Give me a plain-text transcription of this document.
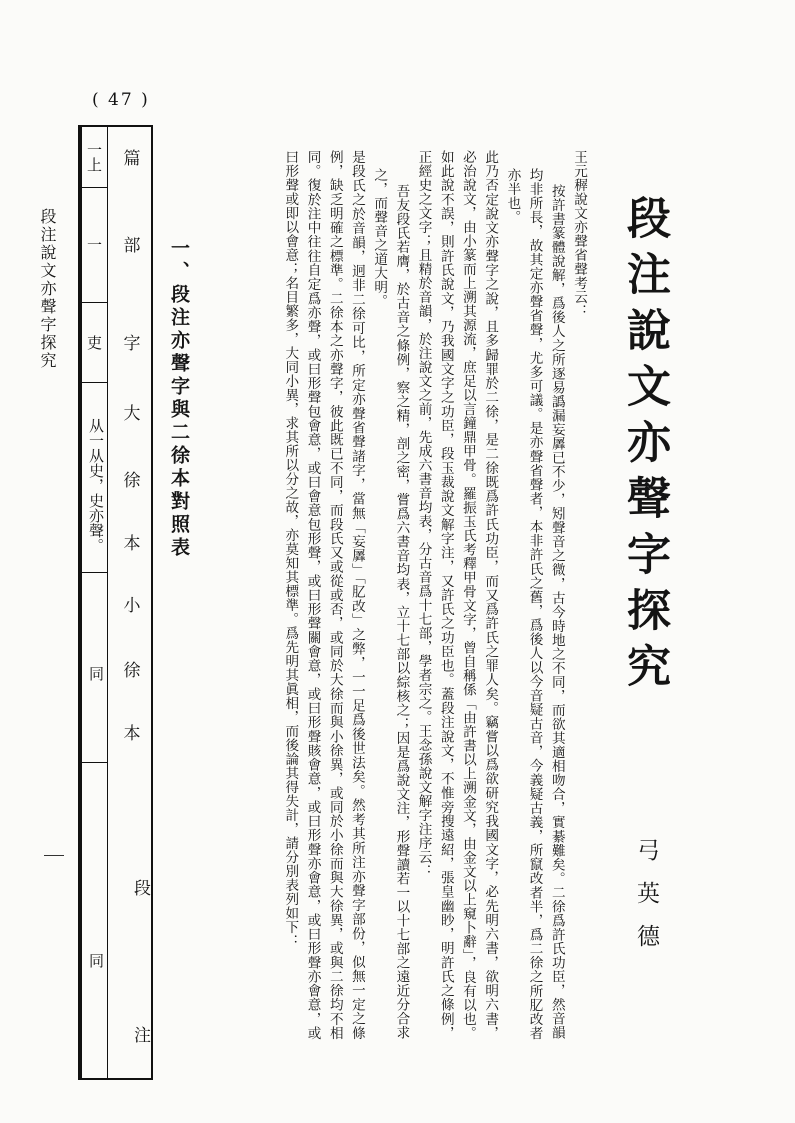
( 47 )
段注說文亦聲字探究	段注說文亦聲字探究
弓英德

王元稺說文亦聲省聲考云：

按許書篆體說解，爲後人之所逐易譌漏妄羼已不少，矧聲音之微，古今時地之不同，而欲其適相吻合，實綦難矣。二徐爲許氏功臣，然音韻均非所長，故其定亦聲省聲，尤多可議。是亦聲省聲者，本非許氏之舊，爲後人以今音疑古音，今義疑古義，所竄改者半，爲二徐之所肊改者亦半也。

此乃否定說文亦聲字之說，且多歸罪於二徐，是二徐既爲許氏功臣，而又爲許氏之罪人矣。竊嘗以爲欲研究我國文字，必先明六書，欲明六書，必治說文，由小篆而上溯其源流，庶足以言鐘鼎甲骨。羅振玉氏考釋甲骨文字，曾自稱係「由許書以上溯金文，由金文以上窺卜辭」，良有以也。如此說不誤，則許氏說文，乃我國文字之功臣，段玉裁說文解字注，又許氏之功臣也。蓋段注說文，不惟旁搜遠紹，張皇幽眇，明許氏之條例，正經史之文字；且精於音韻，於注說文之前，先成六書音均表，分古音爲十七部，學者宗之。王念孫說文解字注序云：

吾友段氏若膺，於古音之條例，察之精，剖之密，嘗爲六書音均表，立十七部以綜核之；因是爲說文注，形聲讀若一以十七部之遠近分合求之，而聲音之道大明。

是段氏之於音韻，迥非二徐可比，所定亦聲省聲諸字，當無「妄羼」「肊改」之弊，一一足爲後世法矣。然考其所注亦聲字部份，似無一定之條例，缺乏明確之標準。二徐本之亦聲字，彼此既已不同，而段氏又或從或否，或同於大徐而與小徐異，或同於小徐而與大徐異，或與二徐均不相同。復於注中往往自定爲亦聲，或曰形聲包會意，或曰會意包形聲，或曰形聲關會意，或曰形聲賅會意，或曰形聲亦會意，或曰形聲亦會意，或曰形聲或即以會意；名目繁多，大同小異，求其所以分之故，亦莫知其標準。爲先明其眞相，而後論其得失計，請分別表列如下：

一、段注亦聲字與二徐本對照表
一上
一
吏
从一从史，史亦聲。
同
同
篇
部
字
大
徐
本
小
徐
本
段
注
